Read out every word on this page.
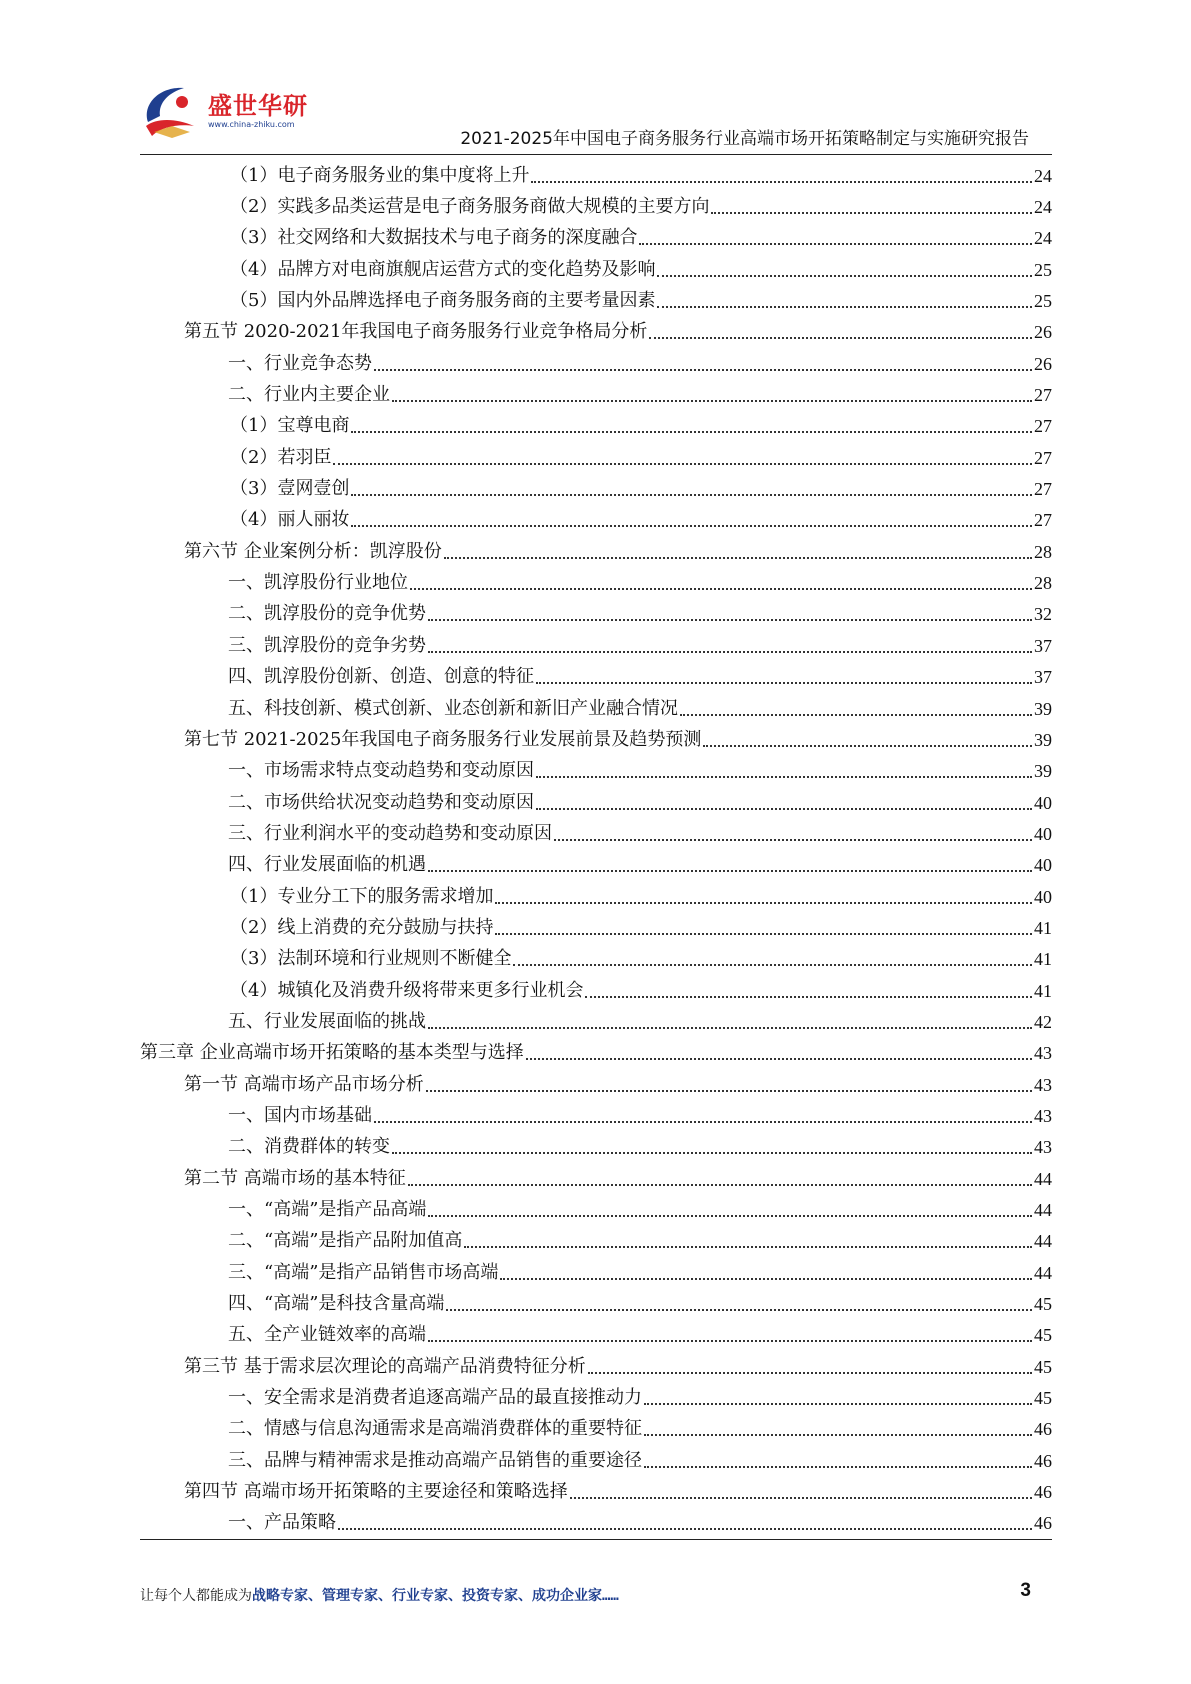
盛世华研
www.china-zhiku.com
2021-2025年中国电子商务服务行业高端市场开拓策略制定与实施研究报告
（1）电子商务服务业的集中度将上升	24
（2）实践多品类运营是电子商务服务商做大规模的主要方向	24
（3）社交网络和大数据技术与电子商务的深度融合	24
（4）品牌方对电商旗舰店运营方式的变化趋势及影响	25
（5）国内外品牌选择电子商务服务商的主要考量因素	25
第五节 2020-2021年我国电子商务服务行业竞争格局分析	26
一、行业竞争态势	26
二、行业内主要企业	27
（1）宝尊电商	27
（2）若羽臣	27
（3）壹网壹创	27
（4）丽人丽妆	27
第六节 企业案例分析：凯淳股份	28
一、凯淳股份行业地位	28
二、凯淳股份的竞争优势	32
三、凯淳股份的竞争劣势	37
四、凯淳股份创新、创造、创意的特征	37
五、科技创新、模式创新、业态创新和新旧产业融合情况	39
第七节 2021-2025年我国电子商务服务行业发展前景及趋势预测	39
一、市场需求特点变动趋势和变动原因	39
二、市场供给状况变动趋势和变动原因	40
三、行业利润水平的变动趋势和变动原因	40
四、行业发展面临的机遇	40
（1）专业分工下的服务需求增加	40
（2）线上消费的充分鼓励与扶持	41
（3）法制环境和行业规则不断健全	41
（4）城镇化及消费升级将带来更多行业机会	41
五、行业发展面临的挑战	42
第三章 企业高端市场开拓策略的基本类型与选择	43
第一节 高端市场产品市场分析	43
一、国内市场基础	43
二、消费群体的转变	43
第二节 高端市场的基本特征	44
一、“高端”是指产品高端	44
二、“高端”是指产品附加值高	44
三、“高端”是指产品销售市场高端	44
四、“高端”是科技含量高端	45
五、全产业链效率的高端	45
第三节 基于需求层次理论的高端产品消费特征分析	45
一、安全需求是消费者追逐高端产品的最直接推动力	45
二、情感与信息沟通需求是高端消费群体的重要特征	46
三、品牌与精神需求是推动高端产品销售的重要途径	46
第四节 高端市场开拓策略的主要途径和策略选择	46
一、产品策略	46
让每个人都能成为战略专家、管理专家、行业专家、投资专家、成功企业家……	3
